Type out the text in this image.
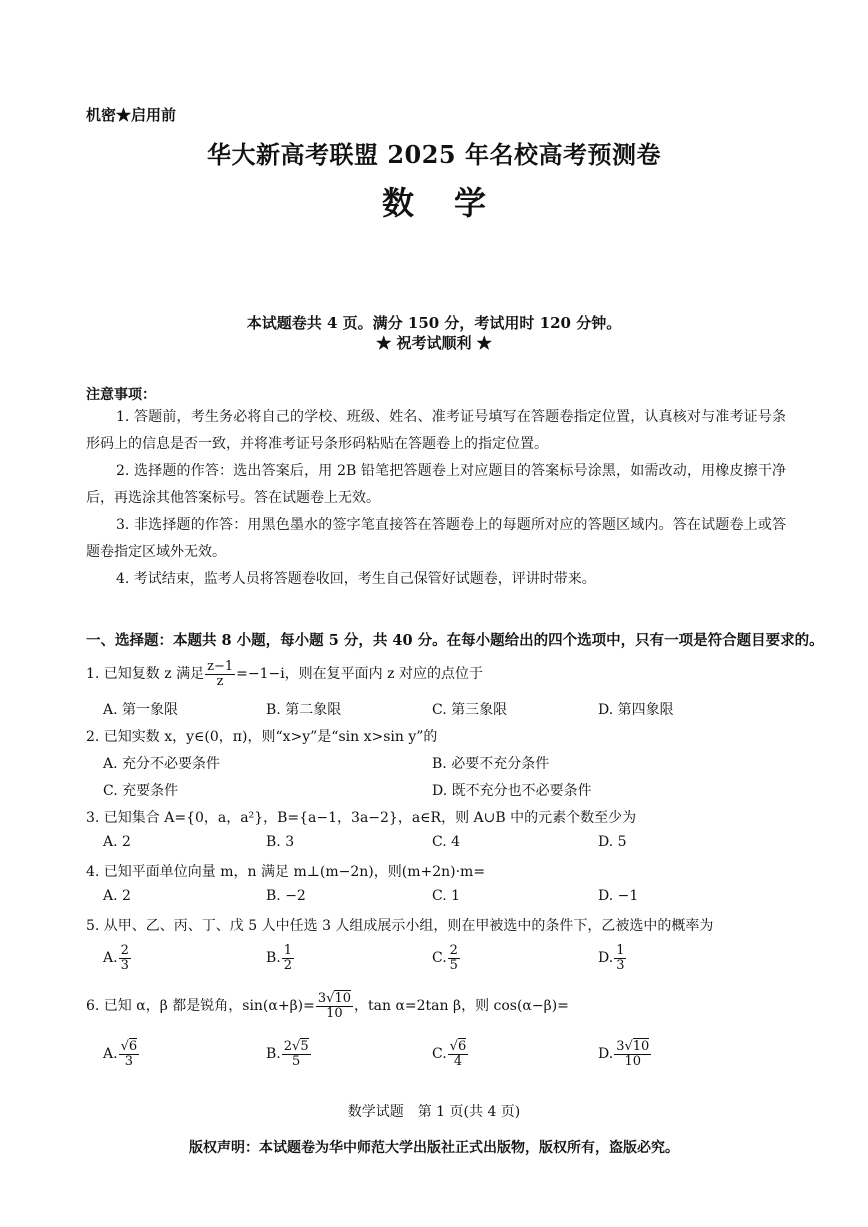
机密★启用前
华大新高考联盟 2025 年名校高考预测卷
数学
本试题卷共 4 页。满分 150 分，考试用时 120 分钟。
★ 祝考试顺利 ★
注意事项：
1. 答题前，考生务必将自己的学校、班级、姓名、准考证号填写在答题卷指定位置，认真核对与准考证号条形码上的信息是否一致，并将准考证号条形码粘贴在答题卷上的指定位置。
2. 选择题的作答：选出答案后，用 2B 铅笔把答题卷上对应题目的答案标号涂黑，如需改动，用橡皮擦干净后，再选涂其他答案标号。答在试题卷上无效。
3. 非选择题的作答：用黑色墨水的签字笔直接答在答题卷上的每题所对应的答题区域内。答在试题卷上或答题卷指定区域外无效。
4. 考试结束，监考人员将答题卷收回，考生自己保管好试题卷，评讲时带来。
一、选择题：本题共 8 小题，每小题 5 分，共 40 分。在每小题给出的四个选项中，只有一项是符合题目要求的。
1. 已知复数 z 满足 $\frac{z-1}{z} =-1-i$，则在复平面内 z 对应的点位于
A. 第一象限	B. 第二象限	C. 第三象限	D. 第四象限
2. 已知实数 x，y∈(0，π)，则“x>y”是“sin x>sin y”的
A. 充分不必要条件	B. 必要不充分条件
C. 充要条件	D. 既不充分也不必要条件
3. 已知集合 A={0，a，a²}，B={a−1，3a−2}，a∈R，则 A∪B 中的元素个数至少为
A. 2	B. 3	C. 4	D. 5
4. 已知平面单位向量 m，n 满足 m⊥(m−2n)，则(m+2n)·m=
A. 2	B. −2	C. 1	D. −1
5. 从甲、乙、丙、丁、戊 5 人中任选 3 人组成展示小组，则在甲被选中的条件下，乙被选中的概率为
A. $\frac{2}{3}$	B. $\frac{1}{2}$	C. $\frac{2}{5}$	D. $\frac{1}{3}$
6. 已知 α，β 都是锐角，$\sin(\alpha+\beta)= \frac{3√10}{10}$ ，tan α=2tan β，则 cos(α−β)=
A. $\frac{√6}{3}$	B. $\frac{2√5}{5}$	C. $\frac{√6}{4}$	D. $\frac{3√10}{10}$
数学试题　第 1 页(共 4 页)
版权声明：本试题卷为华中师范大学出版社正式出版物，版权所有，盗版必究。
